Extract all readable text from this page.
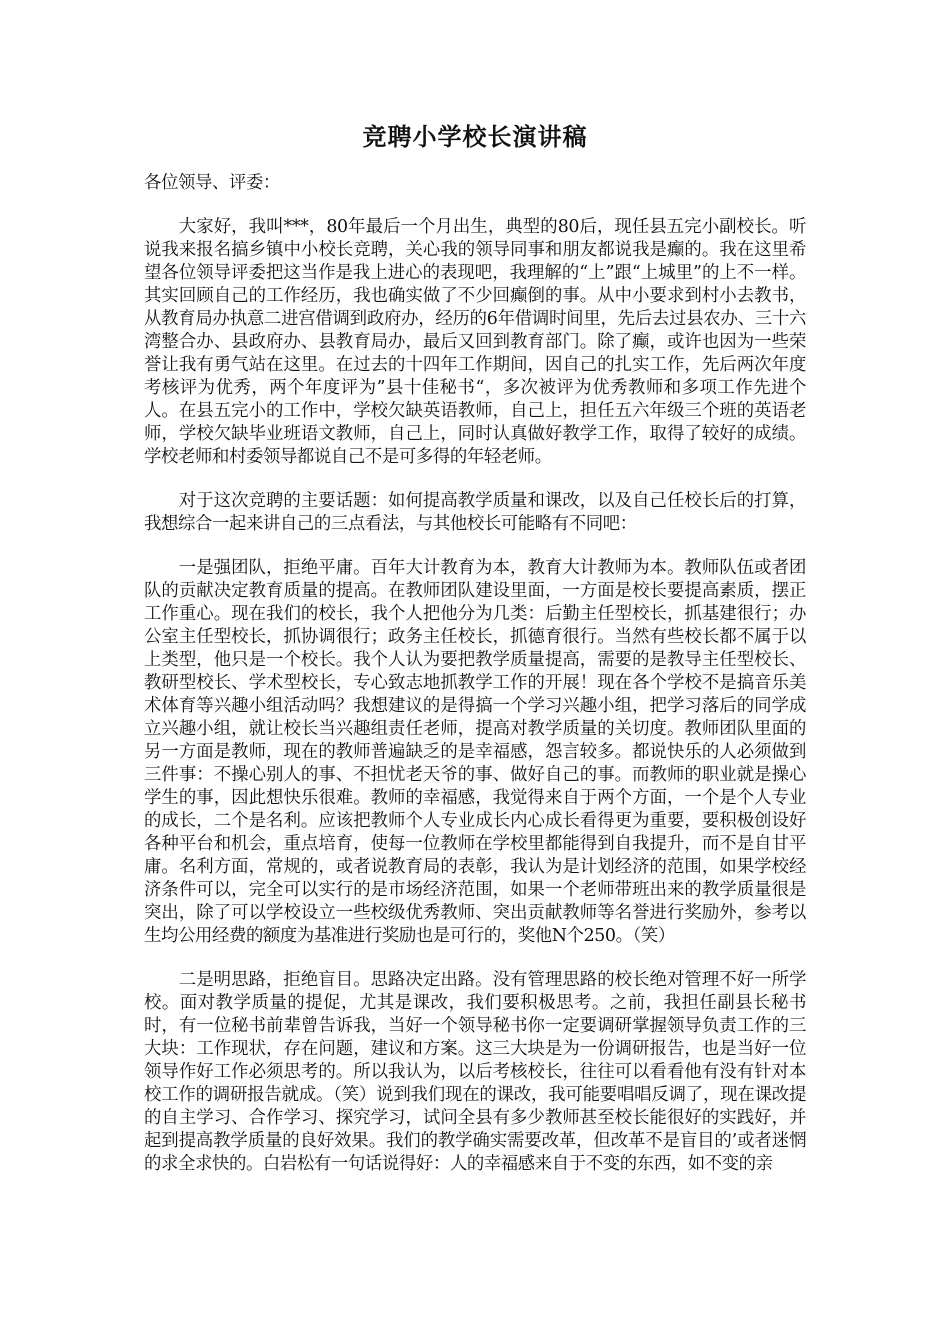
竞聘小学校长演讲稿

各位领导、评委：

大家好，我叫***，80年最后一个月出生，典型的80后，现任县五完小副校长。听说我来报名搞乡镇中小校长竞聘，关心我的领导同事和朋友都说我是癫的。我在这里希望各位领导评委把这当作是我上进心的表现吧，我理解的“上”跟“上城里”的上不一样。其实回顾自己的工作经历，我也确实做了不少回癫倒的事。从中小要求到村小去教书，从教育局办执意二进宫借调到政府办，经历的6年借调时间里，先后去过县农办、三十六湾整合办、县政府办、县教育局办，最后又回到教育部门。除了癫，或许也因为一些荣誉让我有勇气站在这里。在过去的十四年工作期间，因自己的扎实工作，先后两次年度考核评为优秀，两个年度评为”县十佳秘书“，多次被评为优秀教师和多项工作先进个人。在县五完小的工作中，学校欠缺英语教师，自己上，担任五六年级三个班的英语老师，学校欠缺毕业班语文教师，自己上，同时认真做好教学工作，取得了较好的成绩。学校老师和村委领导都说自己不是可多得的年轻老师。

对于这次竞聘的主要话题：如何提高教学质量和课改，以及自己任校长后的打算，我想综合一起来讲自己的三点看法，与其他校长可能略有不同吧：

一是强团队，拒绝平庸。百年大计教育为本，教育大计教师为本。教师队伍或者团队的贡献决定教育质量的提高。在教师团队建设里面，一方面是校长要提高素质，摆正工作重心。现在我们的校长，我个人把他分为几类：后勤主任型校长，抓基建很行；办公室主任型校长，抓协调很行；政务主任校长，抓德育很行。当然有些校长都不属于以上类型，他只是一个校长。我个人认为要把教学质量提高，需要的是教导主任型校长、教研型校长、学术型校长，专心致志地抓教学工作的开展！现在各个学校不是搞音乐美术体育等兴趣小组活动吗？我想建议的是得搞一个学习兴趣小组，把学习落后的同学成立兴趣小组，就让校长当兴趣组责任老师，提高对教学质量的关切度。教师团队里面的另一方面是教师，现在的教师普遍缺乏的是幸福感，怨言较多。都说快乐的人必须做到三件事：不操心别人的事、不担忧老天爷的事、做好自己的事。而教师的职业就是操心学生的事，因此想快乐很难。教师的幸福感，我觉得来自于两个方面，一个是个人专业的成长，二个是名利。应该把教师个人专业成长内心成长看得更为重要，要积极创设好各种平台和机会，重点培育，使每一位教师在学校里都能得到自我提升，而不是自甘平庸。名利方面，常规的，或者说教育局的表彰，我认为是计划经济的范围，如果学校经济条件可以，完全可以实行的是市场经济范围，如果一个老师带班出来的教学质量很是突出，除了可以学校设立一些校级优秀教师、突出贡献教师等名誉进行奖励外，参考以生均公用经费的额度为基准进行奖励也是可行的，奖他N个250。（笑）

二是明思路，拒绝盲目。思路决定出路。没有管理思路的校长绝对管理不好一所学校。面对教学质量的提促，尤其是课改，我们要积极思考。之前，我担任副县长秘书时，有一位秘书前辈曾告诉我，当好一个领导秘书你一定要调研掌握领导负责工作的三大块：工作现状，存在问题，建议和方案。这三大块是为一份调研报告，也是当好一位领导作好工作必须思考的。所以我认为，以后考核校长，往往可以看看他有没有针对本校工作的调研报告就成。（笑）说到我们现在的课改，我可能要唱唱反调了，现在课改提的自主学习、合作学习、探究学习，试问全县有多少教师甚至校长能很好的实践好，并起到提高教学质量的良好效果。我们的教学确实需要改革，但改革不是盲目的’或者迷惘的求全求快的。白岩松有一句话说得好：人的幸福感来自于不变的东西，如不变的亲
